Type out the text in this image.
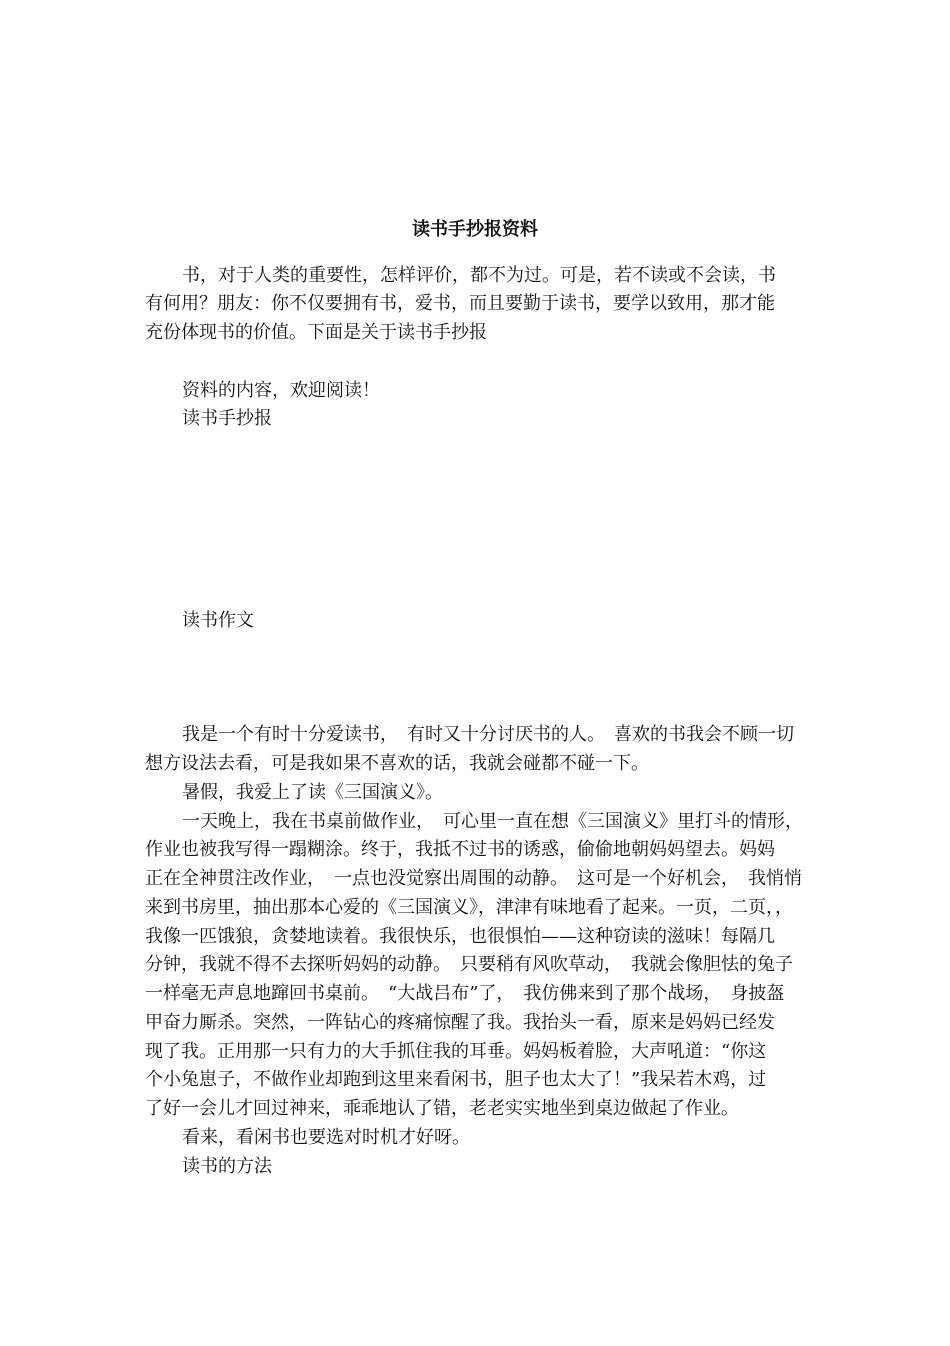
读书手抄报资料

书，对于人类的重要性，怎样评价，都不为过。可是，若不读或不会读，书

有何用？朋友：你不仅要拥有书，爱书，而且要勤于读书，要学以致用，那才能

充份体现书的价值。下面是关于读书手抄报

资料的内容，欢迎阅读！

读书手抄报

读书作文

我是一个有时十分爱读书，　有时又十分讨厌书的人。　喜欢的书我会不顾一切

想方设法去看，可是我如果不喜欢的话，我就会碰都不碰一下。

暑假，我爱上了读《三国演义》。

一天晚上，我在书桌前做作业，　可心里一直在想《三国演义》里打斗的情形，

作业也被我写得一蹋糊涂。终于，我抵不过书的诱惑，偷偷地朝妈妈望去。妈妈

正在全神贯注改作业，　一点也没觉察出周围的动静。　这可是一个好机会，　我悄悄

来到书房里，抽出那本心爱的《三国演义》，津津有味地看了起来。一页，二页，，

我像一匹饿狼，贪婪地读着。我很快乐，也很惧怕——这种窃读的滋味！每隔几

分钟，我就不得不去探听妈妈的动静。　只要稍有风吹草动，　我就会像胆怯的兔子

一样毫无声息地蹿回书桌前。　“大战吕布”了，　我仿佛来到了那个战场，　身披盔

甲奋力厮杀。突然，一阵钻心的疼痛惊醒了我。我抬头一看，原来是妈妈已经发

现了我。正用那一只有力的大手抓住我的耳垂。妈妈板着脸，大声吼道：“你这

个小兔崽子，不做作业却跑到这里来看闲书，胆子也太大了！”我呆若木鸡，过

了好一会儿才回过神来，乖乖地认了错，老老实实地坐到桌边做起了作业。

看来，看闲书也要选对时机才好呀。

读书的方法
